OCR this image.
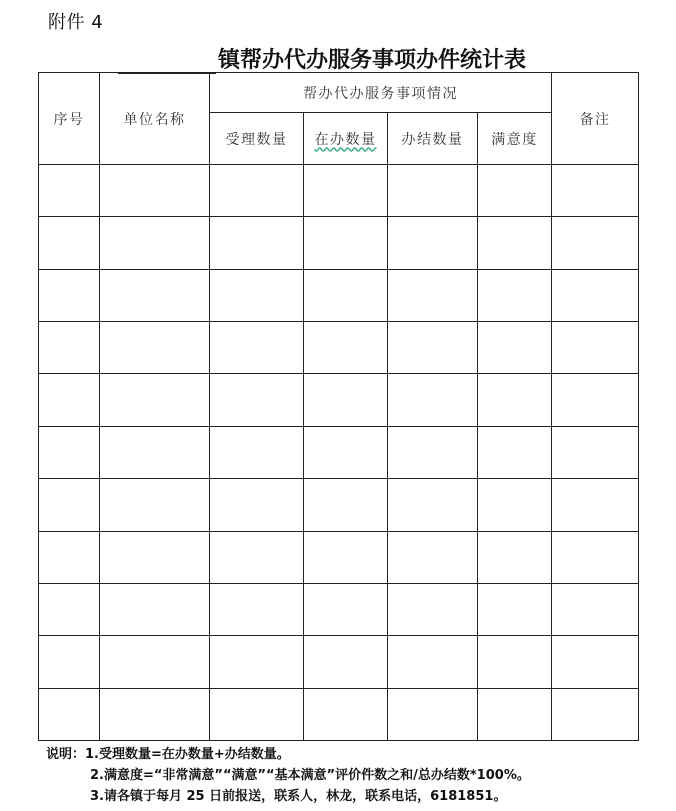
附件 4
镇帮办代办服务事项办件统计表
序号	单位名称	帮办代办服务事项情况				备注
		受理数量	在办数量	办结数量	满意度	

说明：1.受理数量=在办数量+办结数量。
2.满意度=“非常满意”“满意”“基本满意”评价件数之和/总办结数*100%。
3.请各镇于每月 25 日前报送，联系人，林龙，联系电话，6181851。
